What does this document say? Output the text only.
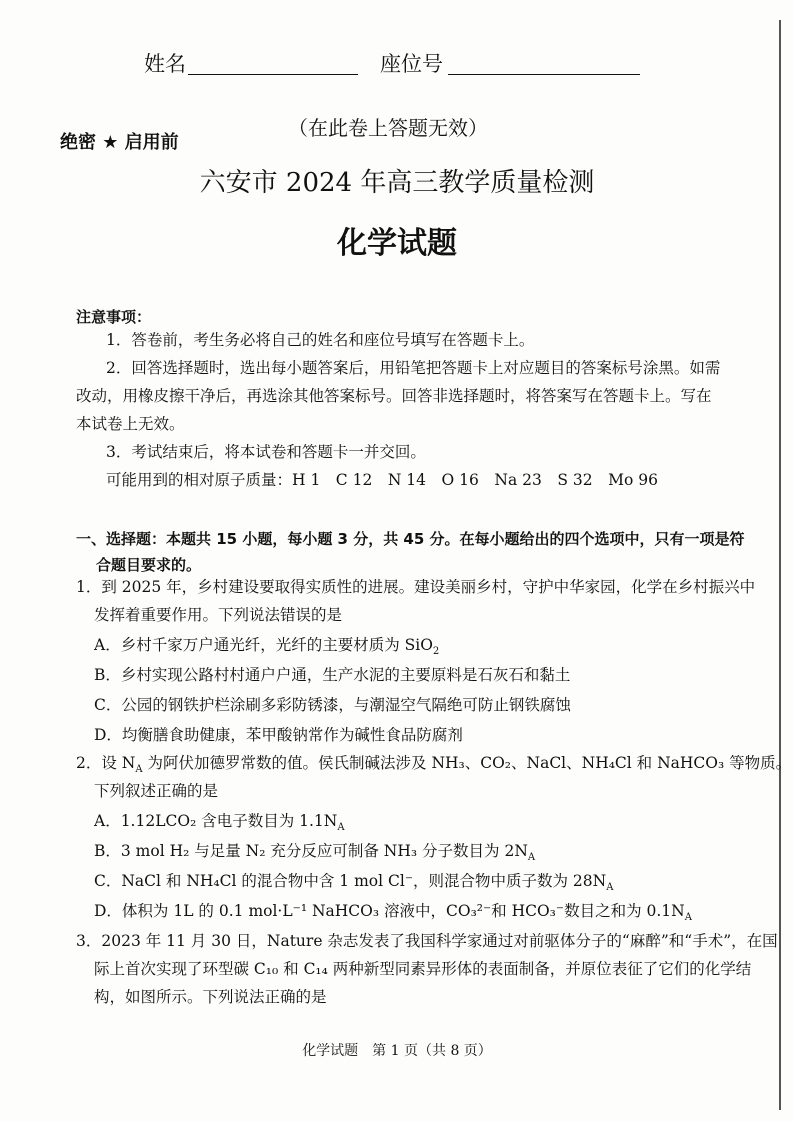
姓名	座位号
（在此卷上答题无效）
绝密 ★ 启用前
六安市 2024 年高三教学质量检测
化学试题
注意事项：
1．答卷前，考生务必将自己的姓名和座位号填写在答题卡上。
2．回答选择题时，选出每小题答案后，用铅笔把答题卡上对应题目的答案标号涂黑。如需
改动，用橡皮擦干净后，再选涂其他答案标号。回答非选择题时，将答案写在答题卡上。写在
本试卷上无效。
3．考试结束后，将本试卷和答题卡一并交回。
可能用到的相对原子质量：H 1　C 12　N 14　O 16　Na 23　S 32　Mo 96
一、选择题：本题共 15 小题，每小题 3 分，共 45 分。在每小题给出的四个选项中，只有一项是符
合题目要求的。
1．到 2025 年，乡村建设要取得实质性的进展。建设美丽乡村，守护中华家园，化学在乡村振兴中
发挥着重要作用。下列说法错误的是
A．乡村千家万户通光纤，光纤的主要材质为 SiO$_2$
B．乡村实现公路村村通户户通，生产水泥的主要原料是石灰石和黏土
C．公园的钢铁护栏涂刷多彩防锈漆，与潮湿空气隔绝可防止钢铁腐蚀
D．均衡膳食助健康，苯甲酸钠常作为碱性食品防腐剂
2．设 $N_A$ 为阿伏加德罗常数的值。侯氏制碱法涉及 NH₃、CO₂、NaCl、NH₄Cl 和 NaHCO₃ 等物质。
下列叙述正确的是
A．1.12LCO₂ 含电子数目为 $1.1N_A$
B．3 mol H₂ 与足量 N₂ 充分反应可制备 NH₃ 分子数目为 $2N_A$
C．NaCl 和 NH₄Cl 的混合物中含 1 mol Cl⁻，则混合物中质子数为 $28N_A$
D．体积为 1L 的 0.1 mol·L⁻¹ NaHCO₃ 溶液中，CO₃²⁻和 HCO₃⁻数目之和为 $0.1N_A$
3．2023 年 11 月 30 日，Nature 杂志发表了我国科学家通过对前驱体分子的“麻醉”和“手术”，在国
际上首次实现了环型碳 C₁₀ 和 C₁₄ 两种新型同素异形体的表面制备，并原位表征了它们的化学结
构，如图所示。下列说法正确的是
化学试题　第 1 页（共 8 页）
